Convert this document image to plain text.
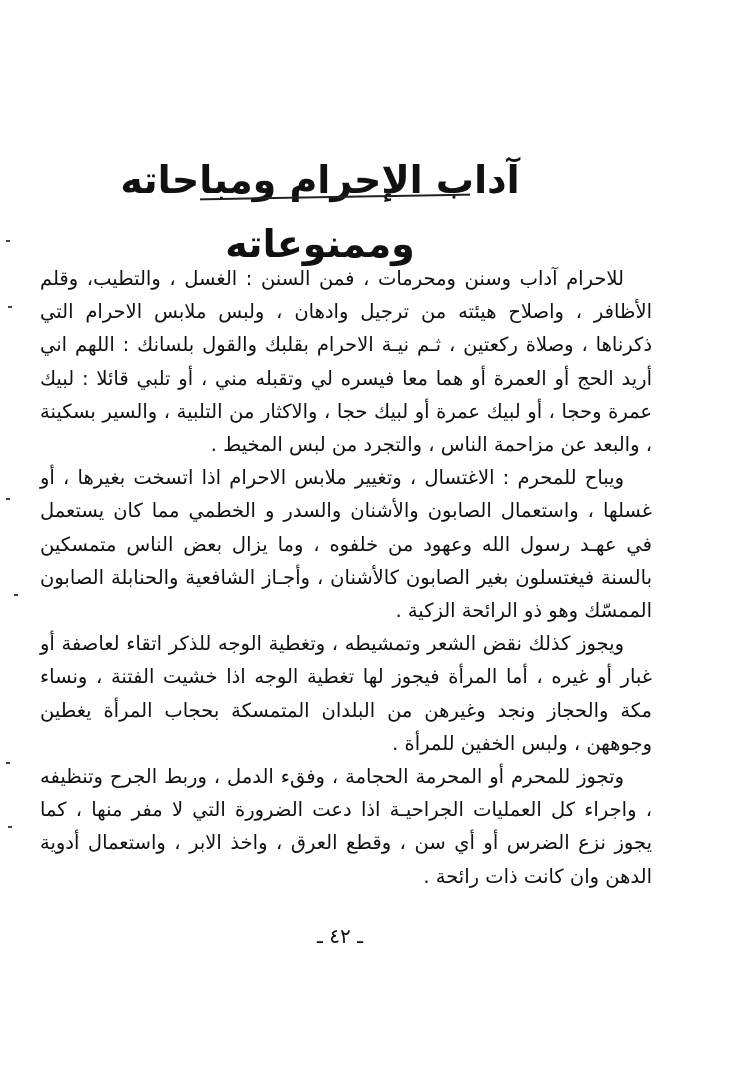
آداب الإحرام ومباحاته وممنوعاته

للاحرام آداب وسنن ومحرمات ، فمن السنن : الغسل ، والتطيب، وقلم الأظافر ، واصلاح هيئته من ترجيل وادهان ، ولبس ملابس الاحرام التي ذكرناها ، وصلاة ركعتين ، ثـم نيـة الاحرام بقلبك والقول بلسانك : اللهم اني أريد الحج أو العمرة أو هما معا فيسره لي وتقبله مني ، أو تلبي قائلا : لبيك عمرة وحجا ، أو لبيك عمرة أو لبيك حجا ، والاكثار من التلبية ، والسير بسكينة ، والبعد عن مزاحمة الناس ، والتجرد من لبس المخيط .

ويباح للمحرم : الاغتسال ، وتغيير ملابس الاحرام اذا اتسخت بغيرها ، أو غسلها ، واستعمال الصابون والأشنان والسدر و الخطمي مما كان يستعمل في عهـد رسول الله وعهود من خلفوه ، وما يزال بعض الناس متمسكين بالسنة فيغتسلون بغير الصابون كالأشنان ، وأجـاز الشافعية والحنابلة الصابون الممسّك وهو ذو الرائحة الزكية .

ويجوز كذلك نقض الشعر وتمشيطه ، وتغطية الوجه للذكر اتقاء لعاصفة أو غبار أو غيره ، أما المرأة فيجوز لها تغطية الوجه اذا خشيت الفتنة ، ونساء مكة والحجاز ونجد وغيرهن من البلدان المتمسكة بحجاب المرأة يغطين وجوههن ، ولبس الخفين للمرأة .

وتجوز للمحرم أو المحرمة الحجامة ، وفقء الدمل ، وربط الجرح وتنظيفه ، واجراء كل العمليات الجراحيـة اذا دعت الضرورة التي لا مفر منها ، كما يجوز نزع الضرس أو أي سن ، وقطع العرق ، واخذ الابر ، واستعمال أدوية الدهن وان كانت ذات رائحة .

ـ ٤٢ ـ
